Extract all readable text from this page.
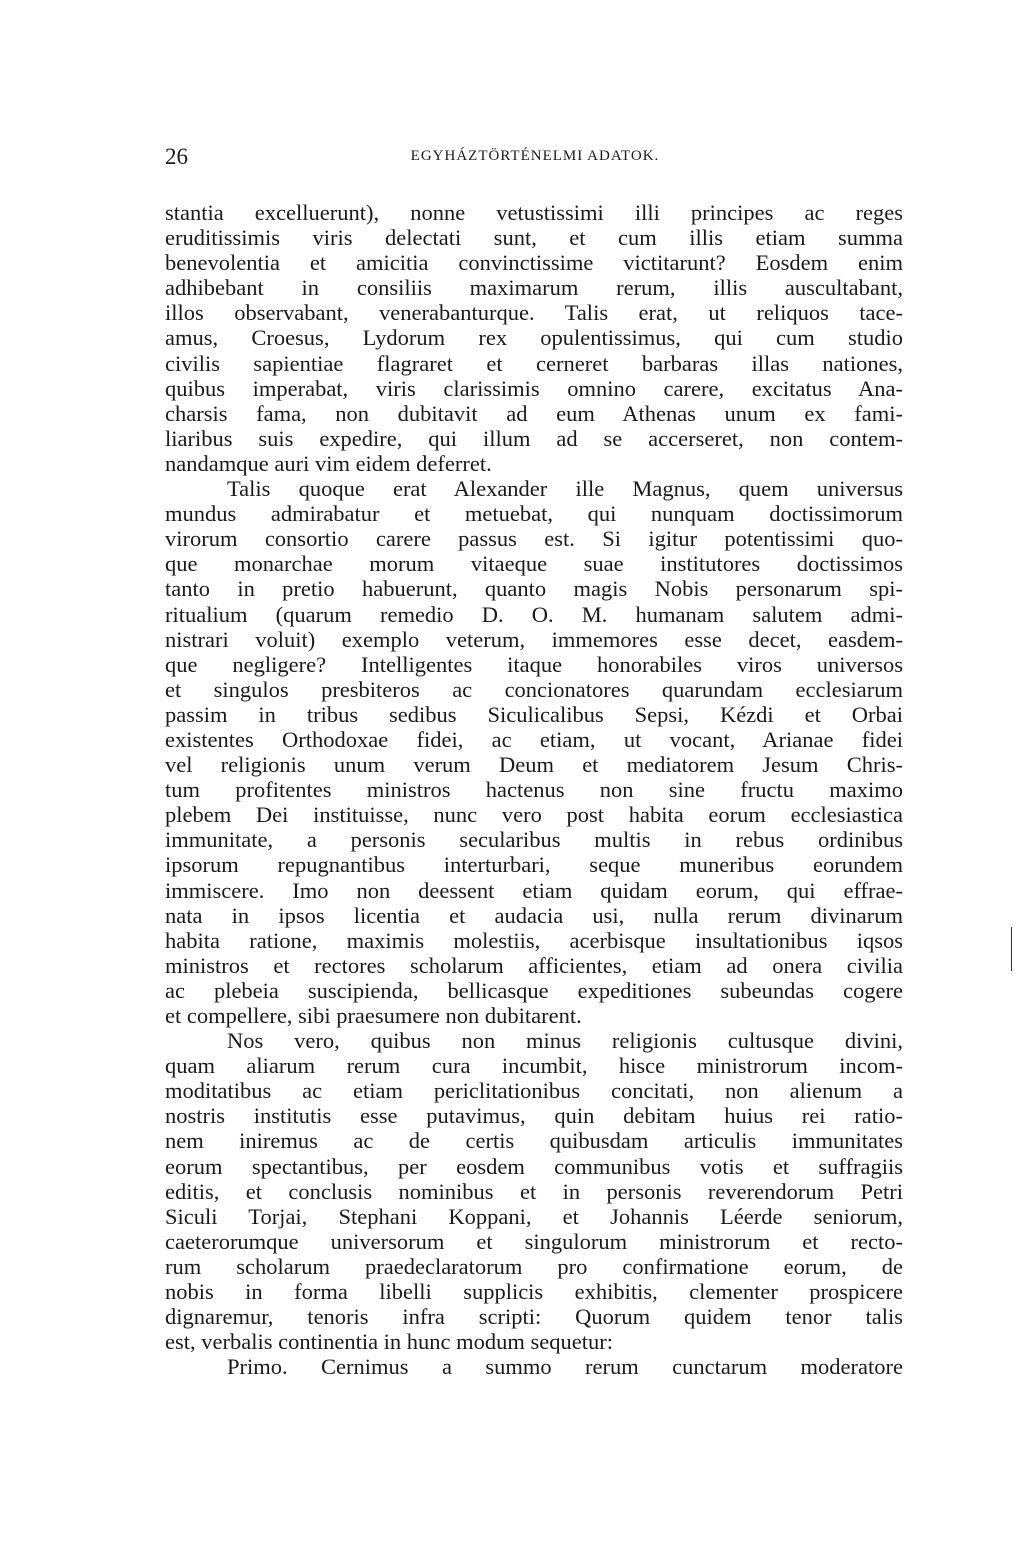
26	EGYHÁZTÖRTÉNELMI ADATOK.
stantia excelluerunt), nonne vetustissimi illi principes ac reges
eruditissimis viris delectati sunt, et cum illis etiam summa
benevolentia et amicitia convinctissime victitarunt? Eosdem enim
adhibebant in consiliis maximarum rerum, illis auscultabant,
illos observabant, venerabanturque. Talis erat, ut reliquos tace-
amus, Croesus, Lydorum rex opulentissimus, qui cum studio
civilis sapientiae flagraret et cerneret barbaras illas nationes,
quibus imperabat, viris clarissimis omnino carere, excitatus Ana-
charsis fama, non dubitavit ad eum Athenas unum ex fami-
liaribus suis expedire, qui illum ad se accerseret, non contem-
nandamque auri vim eidem deferret.
Talis quoque erat Alexander ille Magnus, quem universus
mundus admirabatur et metuebat, qui nunquam doctissimorum
virorum consortio carere passus est. Si igitur potentissimi quo-
que monarchae morum vitaeque suae institutores doctissimos
tanto in pretio habuerunt, quanto magis Nobis personarum spi-
ritualium (quarum remedio D. O. M. humanam salutem admi-
nistrari voluit) exemplo veterum, immemores esse decet, easdem-
que negligere? Intelligentes itaque honorabiles viros universos
et singulos presbiteros ac concionatores quarundam ecclesiarum
passim in tribus sedibus Siculicalibus Sepsi, Kézdi et Orbai
existentes Orthodoxae fidei, ac etiam, ut vocant, Arianae fidei
vel religionis unum verum Deum et mediatorem Jesum Chris-
tum profitentes ministros hactenus non sine fructu maximo
plebem Dei instituisse, nunc vero post habita eorum ecclesiastica
immunitate, a personis secularibus multis in rebus ordinibus
ipsorum repugnantibus interturbari, seque muneribus eorundem
immiscere. Imo non deessent etiam quidam eorum, qui effrae-
nata in ipsos licentia et audacia usi, nulla rerum divinarum
habita ratione, maximis molestiis, acerbisque insultationibus iqsos
ministros et rectores scholarum afficientes, etiam ad onera civilia
ac plebeia suscipienda, bellicasque expeditiones subeundas cogere
et compellere, sibi praesumere non dubitarent.
Nos vero, quibus non minus religionis cultusque divini,
quam aliarum rerum cura incumbit, hisce ministrorum incom-
moditatibus ac etiam periclitationibus concitati, non alienum a
nostris institutis esse putavimus, quin debitam huius rei ratio-
nem iniremus ac de certis quibusdam articulis immunitates
eorum spectantibus, per eosdem communibus votis et suffragiis
editis, et conclusis nominibus et in personis reverendorum Petri
Siculi Torjai, Stephani Koppani, et Johannis Léerde seniorum,
caeterorumque universorum et singulorum ministrorum et recto-
rum scholarum praedeclaratorum pro confirmatione eorum, de
nobis in forma libelli supplicis exhibitis, clementer prospicere
dignaremur, tenoris infra scripti: Quorum quidem tenor talis
est, verbalis continentia in hunc modum sequetur:
Primo. Cernimus a summo rerum cunctarum moderatore
